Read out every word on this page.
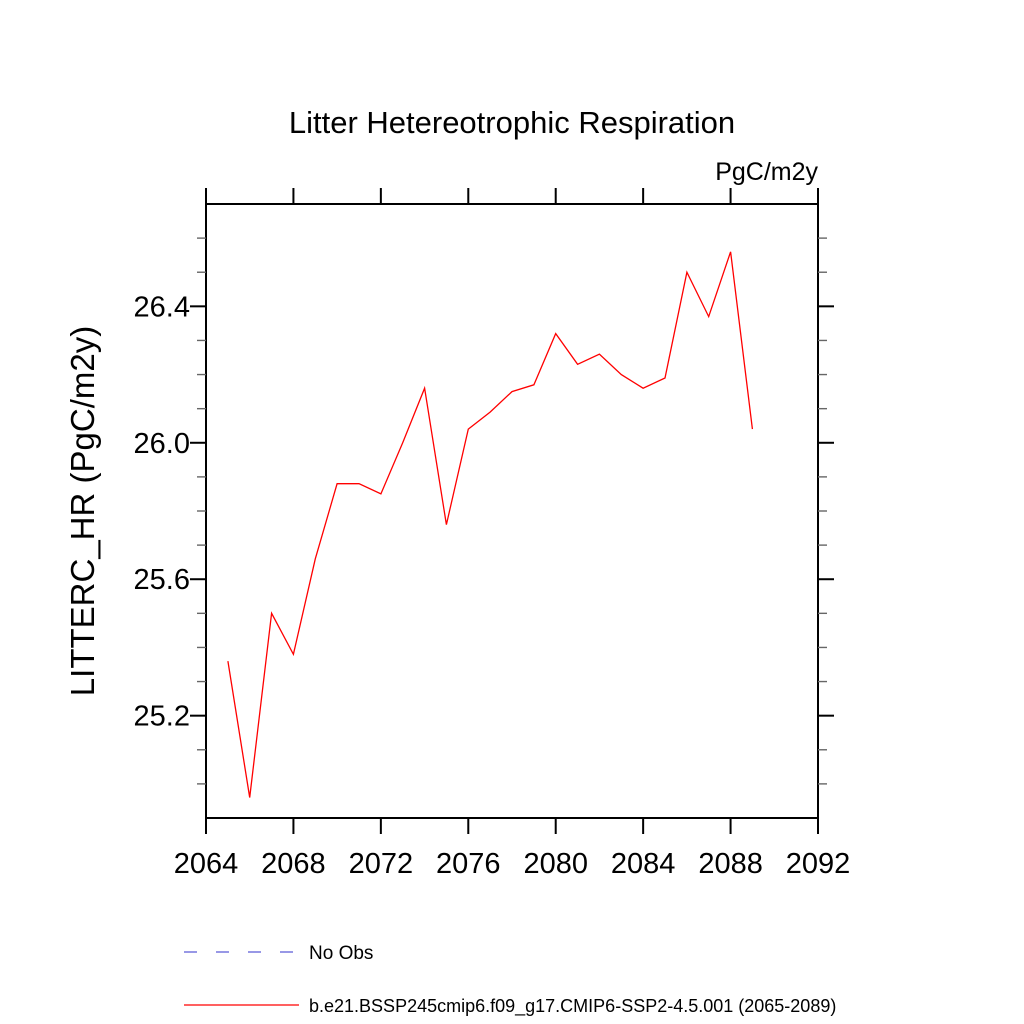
Litter Hetereotrophic Respiration
PgC/m2y
LITTERC_HR (PgC/m2y)
2064 2068 2072 2076 2080 2084 2088 2092
25.2
25.6
26.0
26.4
No Obs
b.e21.BSSP245cmip6.f09_g17.CMIP6-SSP2-4.5.001 (2065-2089)
